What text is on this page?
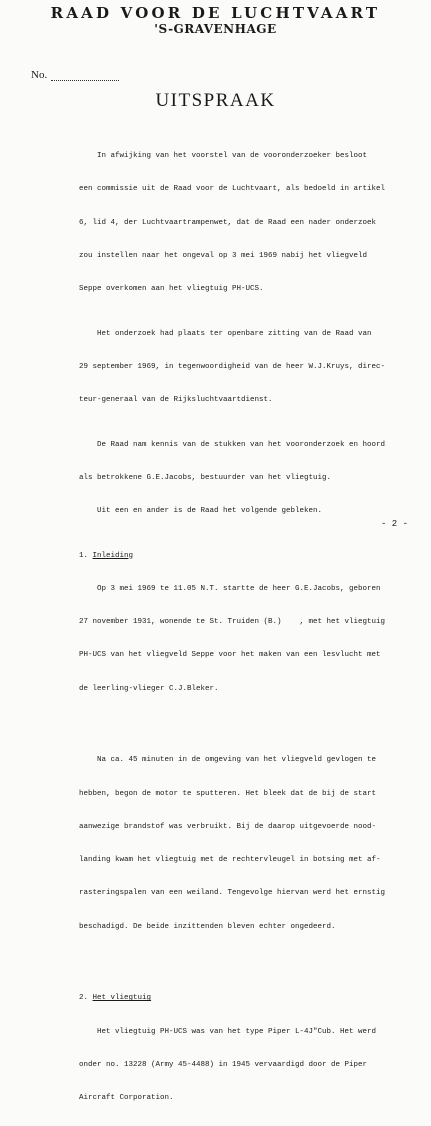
RAAD VOOR DE LUCHTVAART
'S-GRAVENHAGE
No.
UITSPRAAK

In afwijking van het voorstel van de vooronderzoeker besloot

een commissie uit de Raad voor de Luchtvaart, als bedoeld in artikel

6, lid 4, der Luchtvaartrampenwet, dat de Raad een nader onderzoek

zou instellen naar het ongeval op 3 mei 1969 nabij het vliegveld

Seppe overkomen aan het vliegtuig PH-UCS.

Het onderzoek had plaats ter openbare zitting van de Raad van

29 september 1969, in tegenwoordigheid van de heer W.J.Kruys, direc-

teur-generaal van de Rijksluchtvaartdienst.

De Raad nam kennis van de stukken van het vooronderzoek en hoord

als betrokkene G.E.Jacobs, bestuurder van het vliegtuig.

Uit een en ander is de Raad het volgende gebleken.

1. Inleiding

Op 3 mei 1969 te 11.05 N.T. startte de heer G.E.Jacobs, geboren

27 november 1931, wonende te St. Truiden (B.)    , met het vliegtuig

PH-UCS van het vliegveld Seppe voor het maken van een lesvlucht met

de leerling-vlieger C.J.Bleker.

Na ca. 45 minuten in de omgeving van het vliegveld gevlogen te

hebben, begon de motor te sputteren. Het bleek dat de bij de start

aanwezige brandstof was verbruikt. Bij de daarop uitgevoerde nood-

landing kwam het vliegtuig met de rechtervleugel in botsing met af-

rasteringspalen van een weiland. Tengevolge hiervan werd het ernstig

beschadigd. De beide inzittenden bleven echter ongedeerd.

2. Het vliegtuig

Het vliegtuig PH-UCS was van het type Piper L-4J"Cub. Het werd

onder no. 13228 (Army 45-4488) in 1945 vervaardigd door de Piper

Aircraft Corporation.

- 2 -
